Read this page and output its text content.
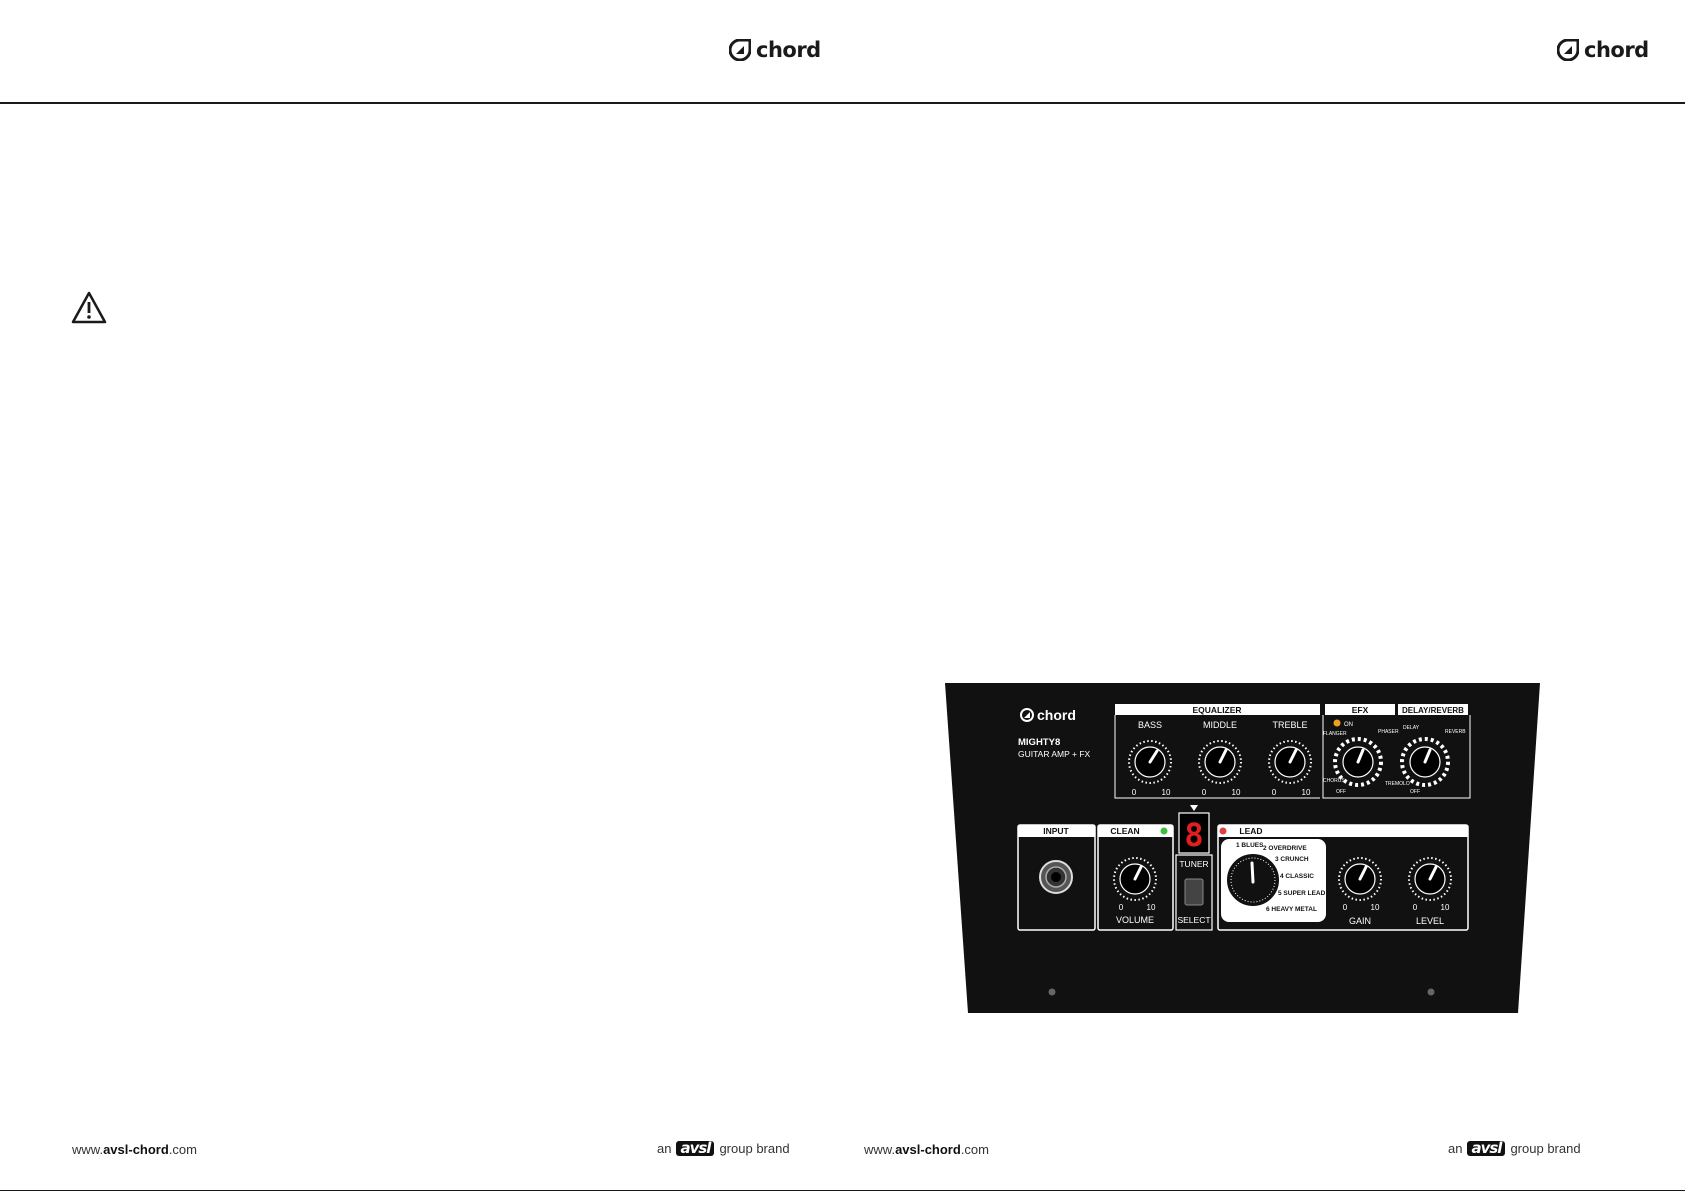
chord	chord
chord
MIGHTY8
GUITAR AMP + FX
EQUALIZER	EFX	DELAY/REVERB
BASS
0	10
MIDDLE
0	10
TREBLE
0	10
ON
FLANGER	PHASER
CHORUS
OFF
TREMOLO
DELAY
REVERB
OFF
INPUT	CLEAN
0	10
VOLUME
8
TUNER
SELECT
LEAD
1 BLUES 2 OVERDRIVE
3 CRUNCH
4 CLASSIC
5 SUPER LEAD
6 HEAVY METAL	0	10
GAIN
0	10
LEVEL
www.avsl-chord.com	an avsl group brand	www.avsl-chord.com	an avsl group brand
